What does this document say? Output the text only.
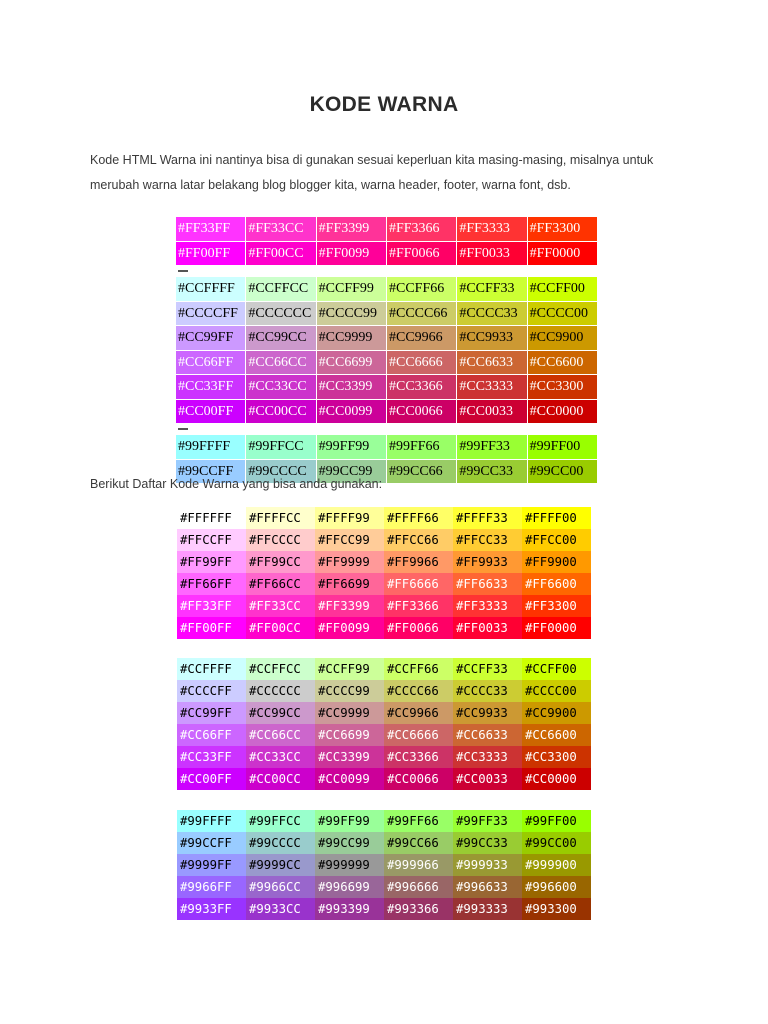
KODE WARNA
Kode HTML Warna ini nantinya bisa di gunakan sesuai keperluan kita masing-masing, misalnya untuk merubah warna latar belakang blog blogger kita, warna header, footer, warna font, dsb.
#FF33FF	#FF33CC	#FF3399	#FF3366	#FF3333	#FF3300
#FF00FF	#FF00CC	#FF0099	#FF0066	#FF0033	#FF0000
#CCFFFF #CCFFCC #CCFF99	#CCFF66	#CCFF33	#CCFF00
#CCCCFF #CCCCCC #CCCC99 #CCCC66 #CCCC33 #CCCC00
#CC99FF	#CC99CC #CC9999	#CC9966	#CC9933	#CC9900
#CC66FF	#CC66CC #CC6699	#CC6666	#CC6633	#CC6600
#CC33FF	#CC33CC #CC3399	#CC3366	#CC3333	#CC3300
#CC00FF	#CC00CC #CC0099	#CC0066	#CC0033	#CC0000
#99FFFF	#99FFCC	#99FF99	#99FF66	#99FF33	#99FF00
#99CCFF	#99CCCC #99CC99	#99CC66	#99CC33	#99CC00
Berikut Daftar Kode Warna yang bisa anda gunakan:
#FFFFFF	#FFFFCC	#FFFF99	#FFFF66	#FFFF33	#FFFF00
#FFCCFF	#FFCCCC	#FFCC99	#FFCC66	#FFCC33	#FFCC00
#FF99FF	#FF99CC	#FF9999	#FF9966	#FF9933	#FF9900
#FF66FF	#FF66CC	#FF6699	#FF6666	#FF6633	#FF6600
#FF33FF	#FF33CC	#FF3399	#FF3366	#FF3333	#FF3300
#FF00FF	#FF00CC	#FF0099	#FF0066	#FF0033	#FF0000
#CCFFFF	#CCFFCC	#CCFF99	#CCFF66	#CCFF33	#CCFF00
#CCCCFF	#CCCCCC	#CCCC99	#CCCC66	#CCCC33	#CCCC00
#CC99FF	#CC99CC	#CC9999	#CC9966	#CC9933	#CC9900
#CC66FF	#CC66CC	#CC6699	#CC6666	#CC6633	#CC6600
#CC33FF	#CC33CC	#CC3399	#CC3366	#CC3333	#CC3300
#CC00FF	#CC00CC	#CC0099	#CC0066	#CC0033	#CC0000
#99FFFF	#99FFCC	#99FF99	#99FF66	#99FF33	#99FF00
#99CCFF	#99CCCC	#99CC99	#99CC66	#99CC33	#99CC00
#9999FF	#9999CC	#999999	#999966	#999933	#999900
#9966FF	#9966CC	#996699	#996666	#996633	#996600
#9933FF	#9933CC	#993399	#993366	#993333	#993300
